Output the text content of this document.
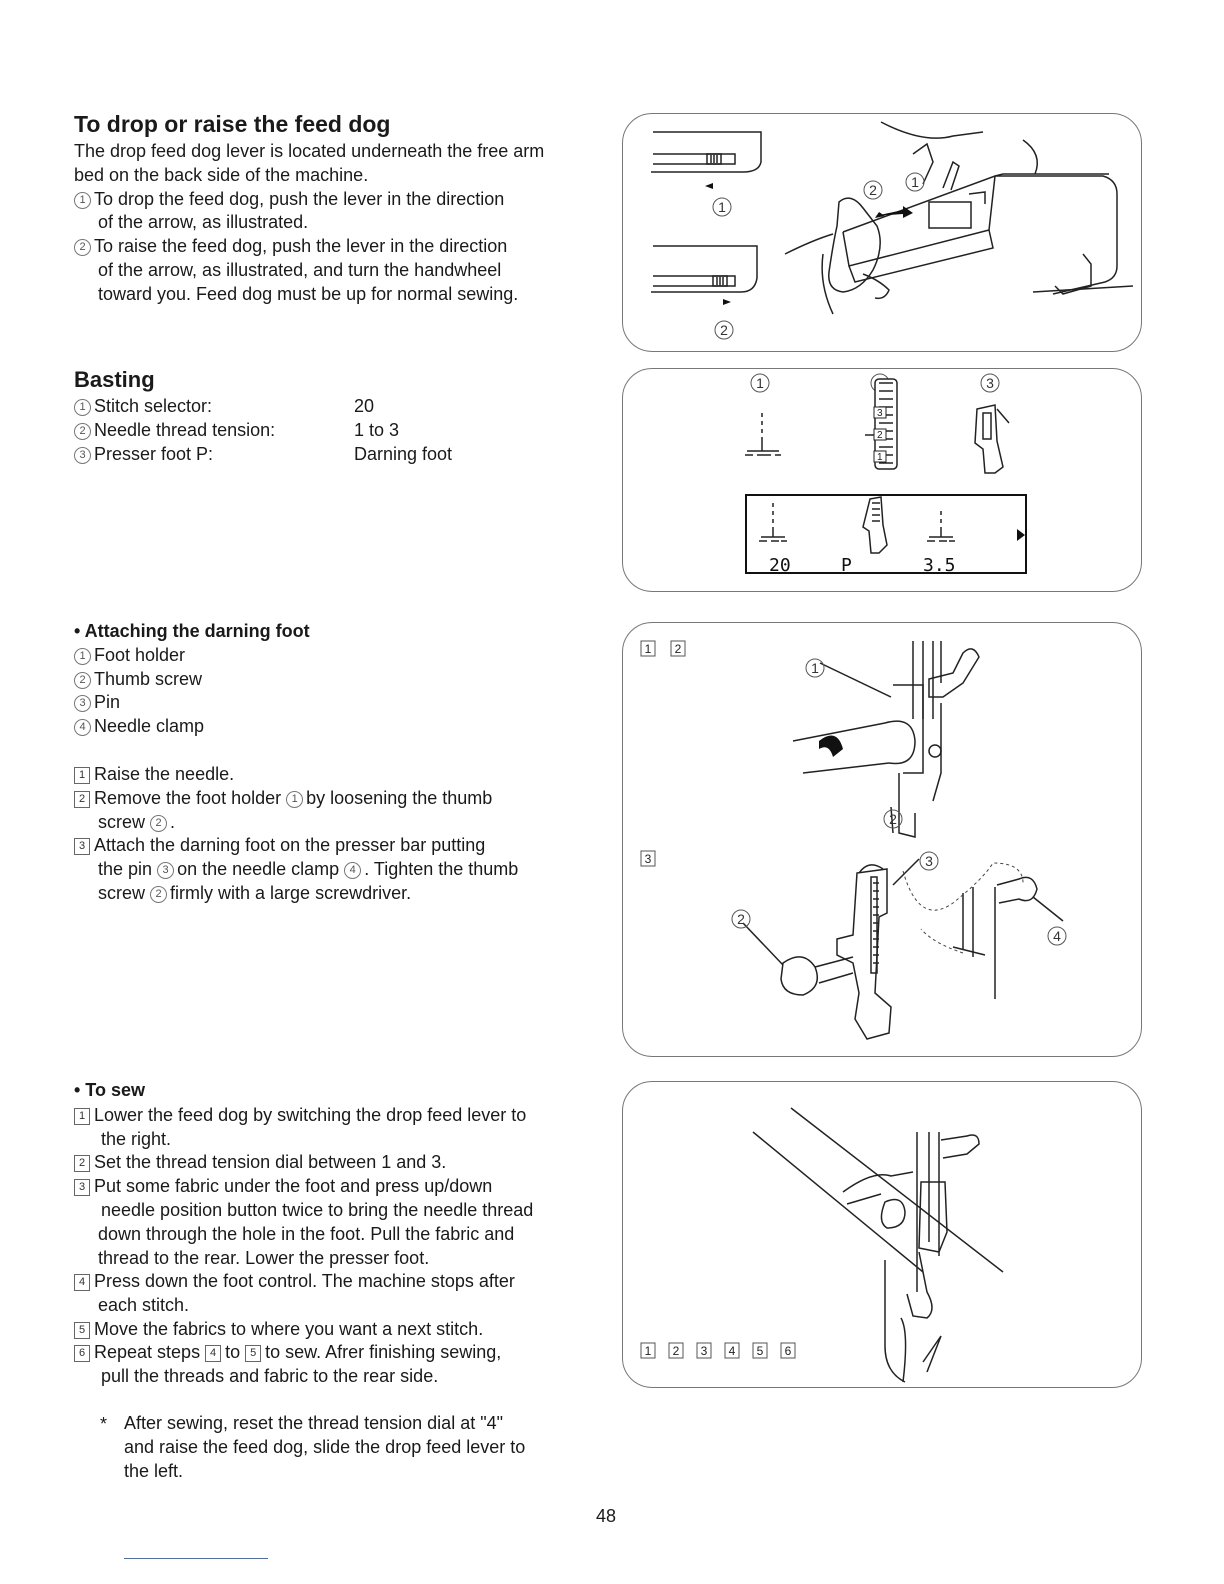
To drop or raise the feed dog
The drop feed dog lever is located underneath the free arm
bed on the back side of the machine.
1 To drop the feed dog, push the lever in the direction
of the arrow, as illustrated.
2 To raise the feed dog, push the lever in the direction
of the arrow, as illustrated, and turn the handwheel
toward you. Feed dog must be up for normal sewing.
Basting
1 Stitch selector:	20
2 Needle thread tension:	1 to 3
3 Presser foot P:	Darning foot
• Attaching the darning foot
1 Foot holder
2 Thumb screw
3 Pin
4 Needle clamp
1 Raise the needle.
2 Remove the foot holder 1 by loosening the thumb
screw 2 .
3 Attach the darning foot on the presser bar putting
the pin 3 on the needle clamp 4 . Tighten the thumb
screw 2 firmly with a large screwdriver.
• To sew
1 Lower the feed dog by switching the drop feed lever to
the right.
2 Set the thread tension dial between 1 and 3.
3 Put some fabric under the foot and press up/down
needle position button twice to bring the needle thread
down through the hole in the foot. Pull the fabric and
thread to the rear. Lower the presser foot.
4 Press down the foot control. The machine stops after
each stitch.
5 Move the fabrics to where you want a next stitch.
6 Repeat steps 4 to 5 to sew. Afrer finishing sewing,
pull the threads and fabric to the rear side.
* After sewing, reset the thread tension dial at "4"
and raise the feed dog, slide the drop feed lever to
the left.
48
1
2
2 1
1	3
3
2
1
20	P	3.5
1 2
3
1
2
3
2
4
1 2 3 4 5 6
